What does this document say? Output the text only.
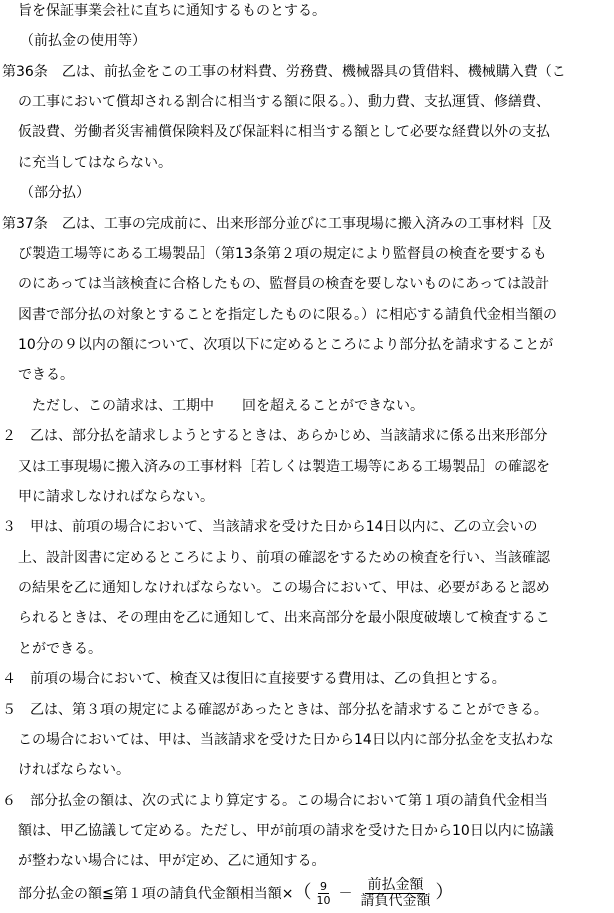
旨を保証事業会社に直ちに通知するものとする。
（前払金の使用等）
第36条　乙は、前払金をこの工事の材料費、労務費、機械器具の賃借料、機械購入費（こ
の工事において償却される割合に相当する額に限る。）、動力費、支払運賃、修繕費、
仮設費、労働者災害補償保険料及び保証料に相当する額として必要な経費以外の支払
に充当してはならない。
（部分払）
第37条　乙は、工事の完成前に、出来形部分並びに工事現場に搬入済みの工事材料［及
び製造工場等にある工場製品］（第13条第２項の規定により監督員の検査を要するも
のにあっては当該検査に合格したもの、監督員の検査を要しないものにあっては設計
図書で部分払の対象とすることを指定したものに限る。）に相応する請負代金相当額の
10分の９以内の額について、次項以下に定めるところにより部分払を請求することが
できる。
ただし、この請求は、工期中　　回を超えることができない。
２　乙は、部分払を請求しようとするときは、あらかじめ、当該請求に係る出来形部分
又は工事現場に搬入済みの工事材料［若しくは製造工場等にある工場製品］の確認を
甲に請求しなければならない。
３　甲は、前項の場合において、当該請求を受けた日から14日以内に、乙の立会いの
上、設計図書に定めるところにより、前項の確認をするための検査を行い、当該確認
の結果を乙に通知しなければならない。この場合において、甲は、必要があると認め
られるときは、その理由を乙に通知して、出来高部分を最小限度破壊して検査するこ
とができる。
４　前項の場合において、検査又は復旧に直接要する費用は、乙の負担とする。
５　乙は、第３項の規定による確認があったときは、部分払を請求することができる。
この場合においては、甲は、当該請求を受けた日から14日以内に部分払金を支払わな
ければならない。
６　部分払金の額は、次の式により算定する。この場合において第１項の請負代金相当
額は、甲乙協議して定める。ただし、甲が前項の請求を受けた日から10日以内に協議
が整わない場合には、甲が定め、乙に通知する。
部分払金の額≦第１項の請負代金額相当額× （ $\frac{9}{10} - \frac{\text{前払金額}}{\text{請負代金額}}$ ）
